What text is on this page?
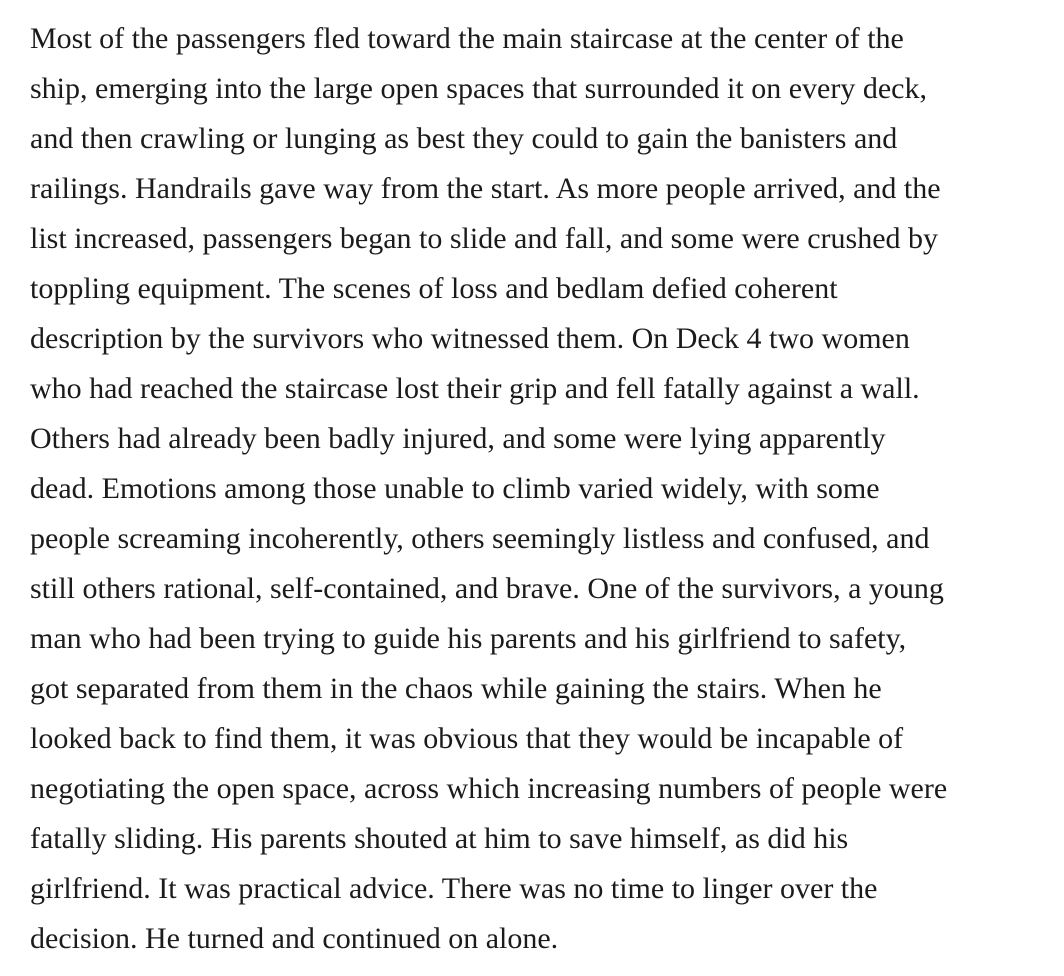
Most of the passengers fled toward the main staircase at the center of the
ship, emerging into the large open spaces that surrounded it on every deck,
and then crawling or lunging as best they could to gain the banisters and
railings. Handrails gave way from the start. As more people arrived, and the
list increased, passengers began to slide and fall, and some were crushed by
toppling equipment. The scenes of loss and bedlam defied coherent
description by the survivors who witnessed them. On Deck 4 two women
who had reached the staircase lost their grip and fell fatally against a wall.
Others had already been badly injured, and some were lying apparently
dead. Emotions among those unable to climb varied widely, with some
people screaming incoherently, others seemingly listless and confused, and
still others rational, self-contained, and brave. One of the survivors, a young
man who had been trying to guide his parents and his girlfriend to safety,
got separated from them in the chaos while gaining the stairs. When he
looked back to find them, it was obvious that they would be incapable of
negotiating the open space, across which increasing numbers of people were
fatally sliding. His parents shouted at him to save himself, as did his
girlfriend. It was practical advice. There was no time to linger over the
decision. He turned and continued on alone.
